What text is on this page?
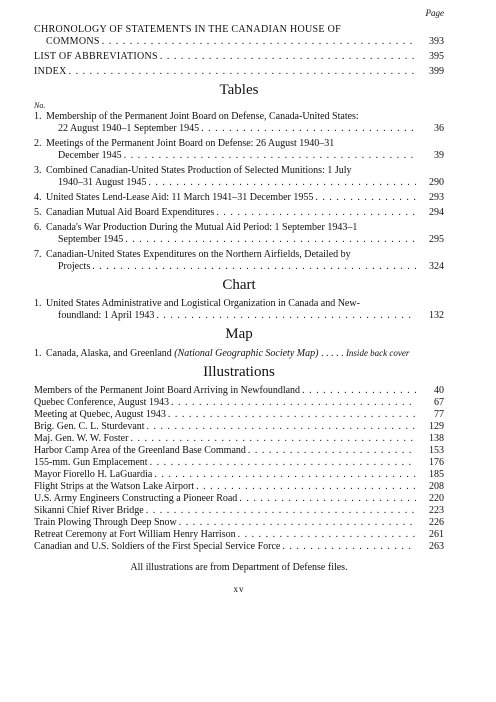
Page
CHRONOLOGY OF STATEMENTS IN THE CANADIAN HOUSE OF
COMMONS . . .	393
LIST OF ABBREVIATIONS . . .	395
INDEX . . .	399
Tables
No.
1. Membership of the Permanent Joint Board on Defense, Canada-United States:
22 August 1940–1 September 1945 . . .	36
2. Meetings of the Permanent Joint Board on Defense: 26 August 1940–31
December 1945 . . .	39
3. Combined Canadian-United States Production of Selected Munitions: 1 July
1940–31 August 1945 . . .	290
4. United States Lend-Lease Aid: 11 March 1941–31 December 1955 . . .	293
5. Canadian Mutual Aid Board Expenditures . . .	294
6. Canada's War Production During the Mutual Aid Period: 1 September 1943–1
September 1945 . . .	295
7. Canadian-United States Expenditures on the Northern Airfields, Detailed by
Projects . . .	324
Chart
1. United States Administrative and Logistical Organization in Canada and New-
foundland: 1 April 1943 . . .	132
Map
1. Canada, Alaska, and Greenland (National Geographic Society Map) . . . . . Inside back cover
Illustrations
Members of the Permanent Joint Board Arriving in Newfoundland . . .	40
Quebec Conference, August 1943 . . .	67
Meeting at Quebec, August 1943 . . .	77
Brig. Gen. C. L. Sturdevant . . .	129
Maj. Gen. W. W. Foster . . .	138
Harbor Camp Area of the Greenland Base Command . . .	153
155-mm. Gun Emplacement . . .	176
Mayor Fiorello H. LaGuardia . . .	185
Flight Strips at the Watson Lake Airport . . .	208
U.S. Army Engineers Constructing a Pioneer Road . . .	220
Sikanni Chief River Bridge . . .	223
Train Plowing Through Deep Snow . . .	226
Retreat Ceremony at Fort William Henry Harrison . . .	261
Canadian and U.S. Soldiers of the First Special Service Force . . .	263
All illustrations are from Department of Defense files.
xv
